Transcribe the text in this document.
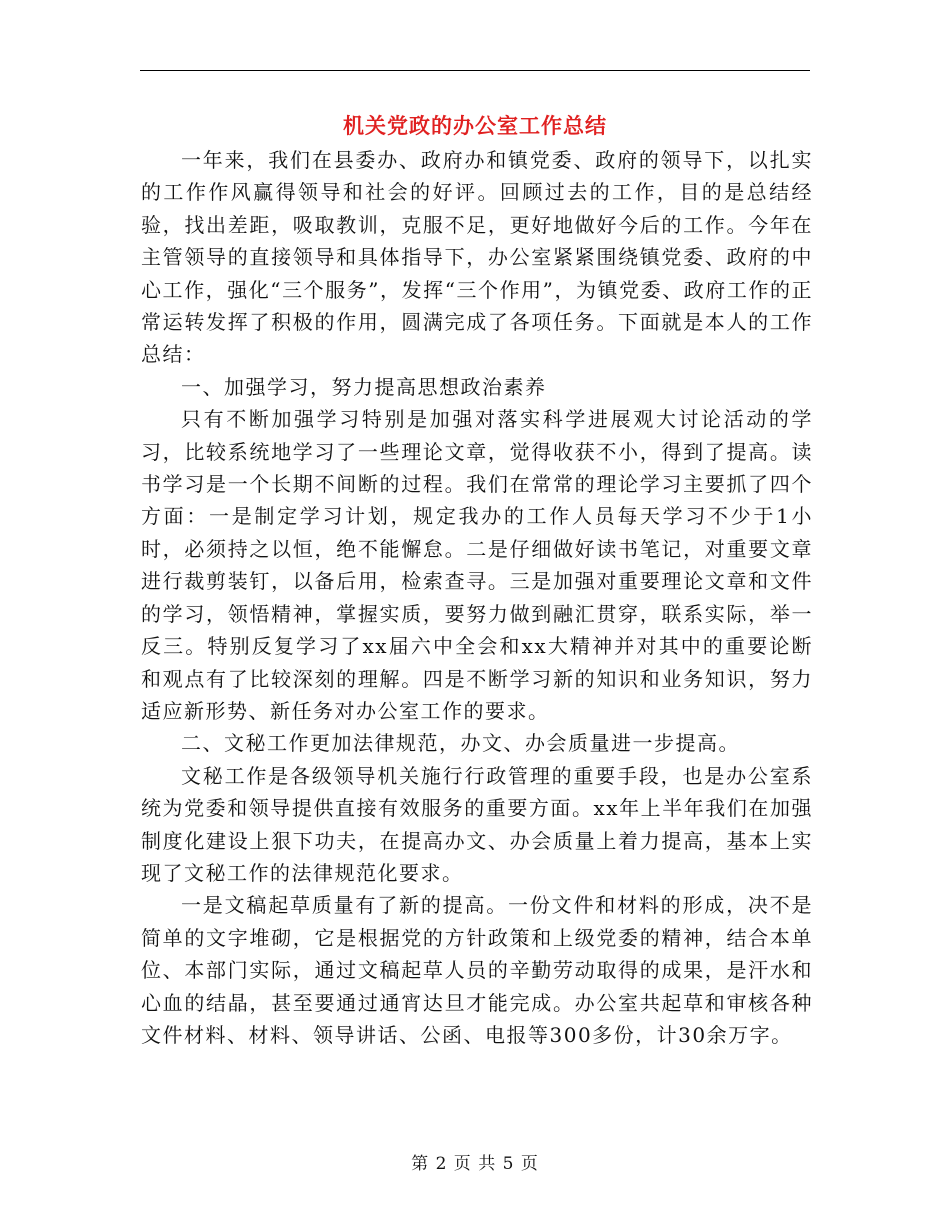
机关党政的办公室工作总结

一年来，我们在县委办、政府办和镇党委、政府的领导下，以扎实的工作作风赢得领导和社会的好评。回顾过去的工作，目的是总结经验，找出差距，吸取教训，克服不足，更好地做好今后的工作。今年在主管领导的直接领导和具体指导下，办公室紧紧围绕镇党委、政府的中心工作，强化“三个服务”，发挥“三个作用”，为镇党委、政府工作的正常运转发挥了积极的作用，圆满完成了各项任务。下面就是本人的工作总结：

一、加强学习，努力提高思想政治素养

只有不断加强学习特别是加强对落实科学进展观大讨论活动的学习，比较系统地学习了一些理论文章，觉得收获不小，得到了提高。读书学习是一个长期不间断的过程。我们在常常的理论学习主要抓了四个方面：一是制定学习计划，规定我办的工作人员每天学习不少于1小时，必须持之以恒，绝不能懈怠。二是仔细做好读书笔记，对重要文章进行裁剪装钉，以备后用，检索查寻。三是加强对重要理论文章和文件的学习，领悟精神，掌握实质，要努力做到融汇贯穿，联系实际，举一反三。特别反复学习了xx届六中全会和xx大精神并对其中的重要论断和观点有了比较深刻的理解。四是不断学习新的知识和业务知识，努力适应新形势、新任务对办公室工作的要求。

二、文秘工作更加法律规范，办文、办会质量进一步提高。

文秘工作是各级领导机关施行行政管理的重要手段，也是办公室系统为党委和领导提供直接有效服务的重要方面。xx年上半年我们在加强制度化建设上狠下功夫，在提高办文、办会质量上着力提高，基本上实现了文秘工作的法律规范化要求。

一是文稿起草质量有了新的提高。一份文件和材料的形成，决不是简单的文字堆砌，它是根据党的方针政策和上级党委的精神，结合本单位、本部门实际，通过文稿起草人员的辛勤劳动取得的成果，是汗水和心血的结晶，甚至要通过通宵达旦才能完成。办公室共起草和审核各种文件材料、材料、领导讲话、公函、电报等300多份，计30余万字。

第 2 页 共 5 页
